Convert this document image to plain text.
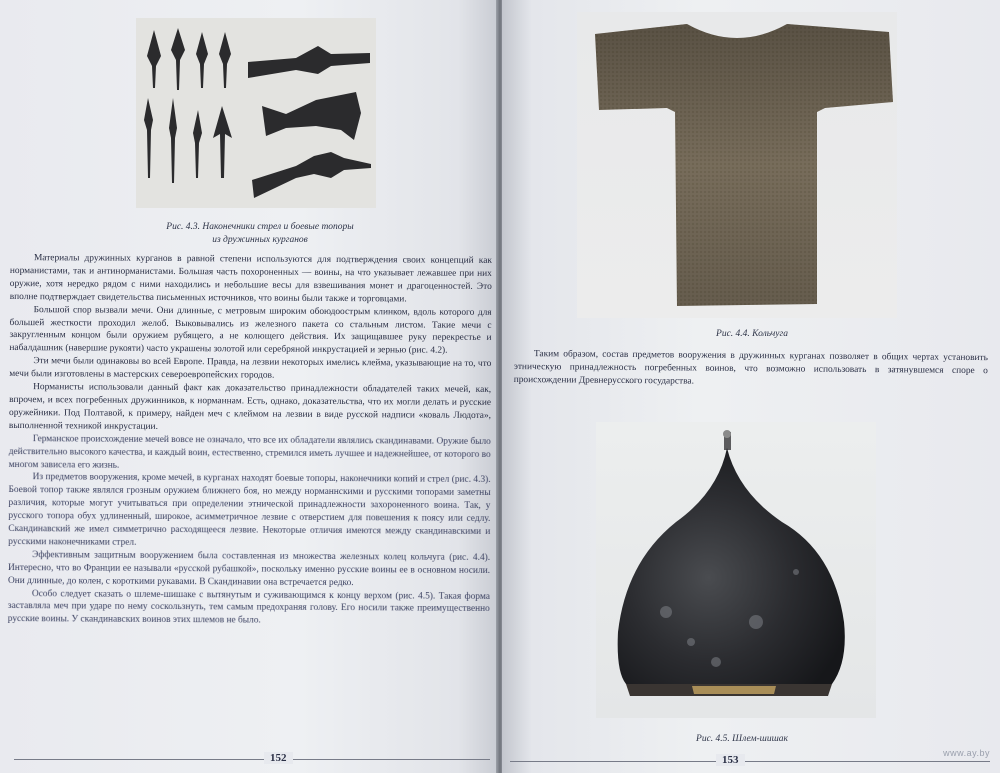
Рис. 4.3. Наконечники стрел и боевые топоры
из дружинных курганов

Материалы дружинных курганов в равной степени используются для подтверждения своих концепций как норманистами, так и антинорманистами. Большая часть похороненных — воины, на что указывает лежавшее при них оружие, хотя нередко рядом с ними находились и небольшие весы для взвешивания монет и драгоценностей. Это вполне подтверждает свидетельства письменных источников, что воины были также и торговцами.

Большой спор вызвали мечи. Они длинные, с метровым широким обоюдоострым клинком, вдоль которого для большей жесткости проходил желоб. Выковывались из железного пакета со стальным листом. Такие мечи с закругленным концом были оружием рубящего, а не колющего действия. Их защищавшее руку перекрестье и набалдашник (навершие рукояти) часто украшены золотой или серебряной инкрустацией и зернью (рис. 4.2).

Эти мечи были одинаковы во всей Европе. Правда, на лезвии некоторых имелись клейма, указывающие на то, что мечи были изготовлены в мастерских североевропейских городов.

Норманисты использовали данный факт как доказательство принадлежности обладателей таких мечей, как, впрочем, и всех погребенных дружинников, к норманнам. Есть, однако, доказательства, что их могли делать и русские оружейники. Под Полтавой, к примеру, найден меч с клеймом на лезвии в виде русской надписи «коваль Людота», выполненной техникой инкрустации.

Германское происхождение мечей вовсе не означало, что все их обладатели являлись скандинавами. Оружие было действительно высокого качества, и каждый воин, естественно, стремился иметь лучшее и надежнейшее, от которого во многом зависела его жизнь.

Из предметов вооружения, кроме мечей, в курганах находят боевые топоры, наконечники копий и стрел (рис. 4.3). Боевой топор также являлся грозным оружием ближнего боя, но между норманнскими и русскими топорами заметны различия, которые могут учитываться при определении этнической принадлежности захороненного воина. Так, у русского топора обух удлиненный, широкое, асимметричное лезвие с отверстием для повешения к поясу или седлу. Скандинавский же имел симметрично расходящееся лезвие. Некоторые отличия имеются между скандинавскими и русскими наконечниками стрел.

Эффективным защитным вооружением была составленная из множества железных колец кольчуга (рис. 4.4). Интересно, что во Франции ее называли «русской рубашкой», поскольку именно русские воины ее в основном носили. Они длинные, до колен, с короткими рукавами. В Скандинавии она встречается редко.

Особо следует сказать о шлеме-шишаке с вытянутым и суживающимся к концу верхом (рис. 4.5). Такая форма заставляла меч при ударе по нему соскользнуть, тем самым предохраняя голову. Его носили также преимущественно русские воины. У скандинавских воинов этих шлемов не было.

152
Рис. 4.4. Кольчуга

Таким образом, состав предметов вооружения в дружинных курганах позволяет в общих чертах установить этническую принадлежность погребенных воинов, что возможно использовать в затянувшемся споре о происхождении Древнерусского государства.

Рис. 4.5. Шлем-шишак
153
www.ay.by
